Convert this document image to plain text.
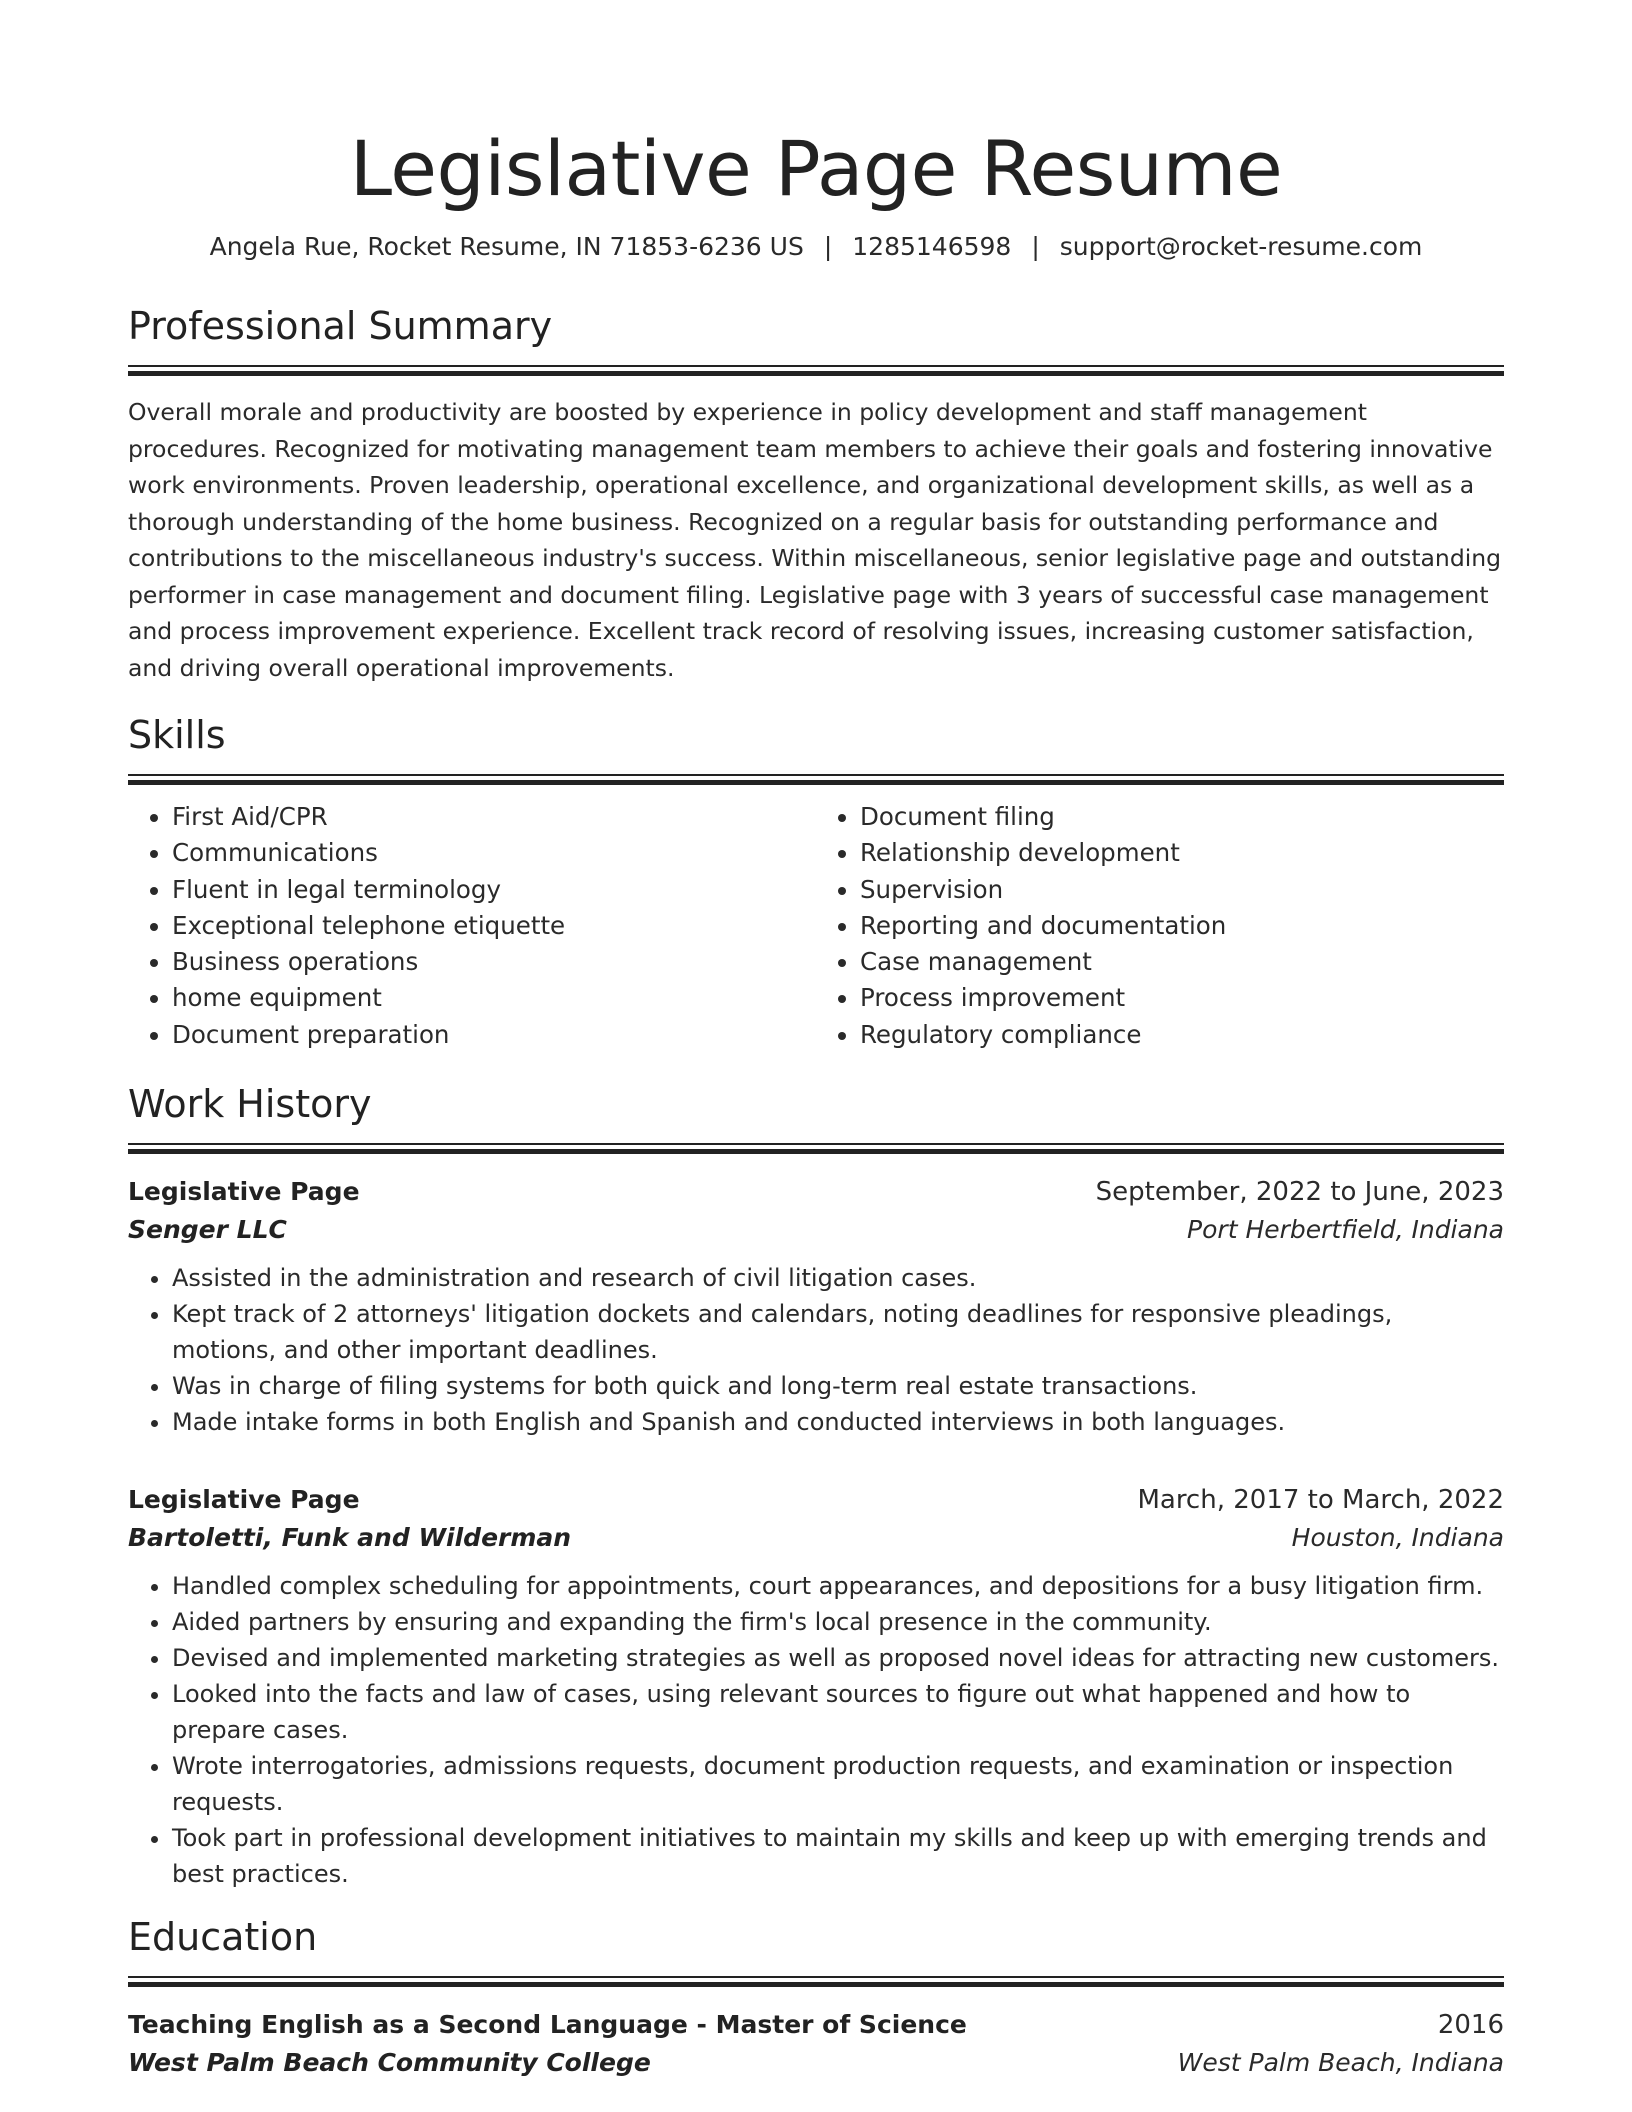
Legislative Page Resume
Angela Rue, Rocket Resume, IN 71853-6236 US | 1285146598 | support@rocket-resume.com
Professional Summary
Overall morale and productivity are boosted by experience in policy development and staff management procedures. Recognized for motivating management team members to achieve their goals and fostering innovative work environments. Proven leadership, operational excellence, and organizational development skills, as well as a thorough understanding of the home business. Recognized on a regular basis for outstanding performance and contributions to the miscellaneous industry's success. Within miscellaneous, senior legislative page and outstanding performer in case management and document filing. Legislative page with 3 years of successful case management and process improvement experience. Excellent track record of resolving issues, increasing customer satisfaction, and driving overall operational improvements.
Skills
• First Aid/CPR
• Communications
• Fluent in legal terminology
• Exceptional telephone etiquette
• Business operations
• home equipment
• Document preparation
• Document filing
• Relationship development
• Supervision
• Reporting and documentation
• Case management
• Process improvement
• Regulatory compliance
Work History
Legislative Page	September, 2022 to June, 2023
Senger LLC	Port Herbertfield, Indiana
• Assisted in the administration and research of civil litigation cases.
• Kept track of 2 attorneys' litigation dockets and calendars, noting deadlines for responsive pleadings, motions, and other important deadlines.
• Was in charge of filing systems for both quick and long-term real estate transactions.
• Made intake forms in both English and Spanish and conducted interviews in both languages.
Legislative Page	March, 2017 to March, 2022
Bartoletti, Funk and Wilderman	Houston, Indiana
• Handled complex scheduling for appointments, court appearances, and depositions for a busy litigation firm.
• Aided partners by ensuring and expanding the firm's local presence in the community.
• Devised and implemented marketing strategies as well as proposed novel ideas for attracting new customers.
• Looked into the facts and law of cases, using relevant sources to figure out what happened and how to prepare cases.
• Wrote interrogatories, admissions requests, document production requests, and examination or inspection requests.
• Took part in professional development initiatives to maintain my skills and keep up with emerging trends and best practices.
Education
Teaching English as a Second Language - Master of Science	2016
West Palm Beach Community College	West Palm Beach, Indiana
